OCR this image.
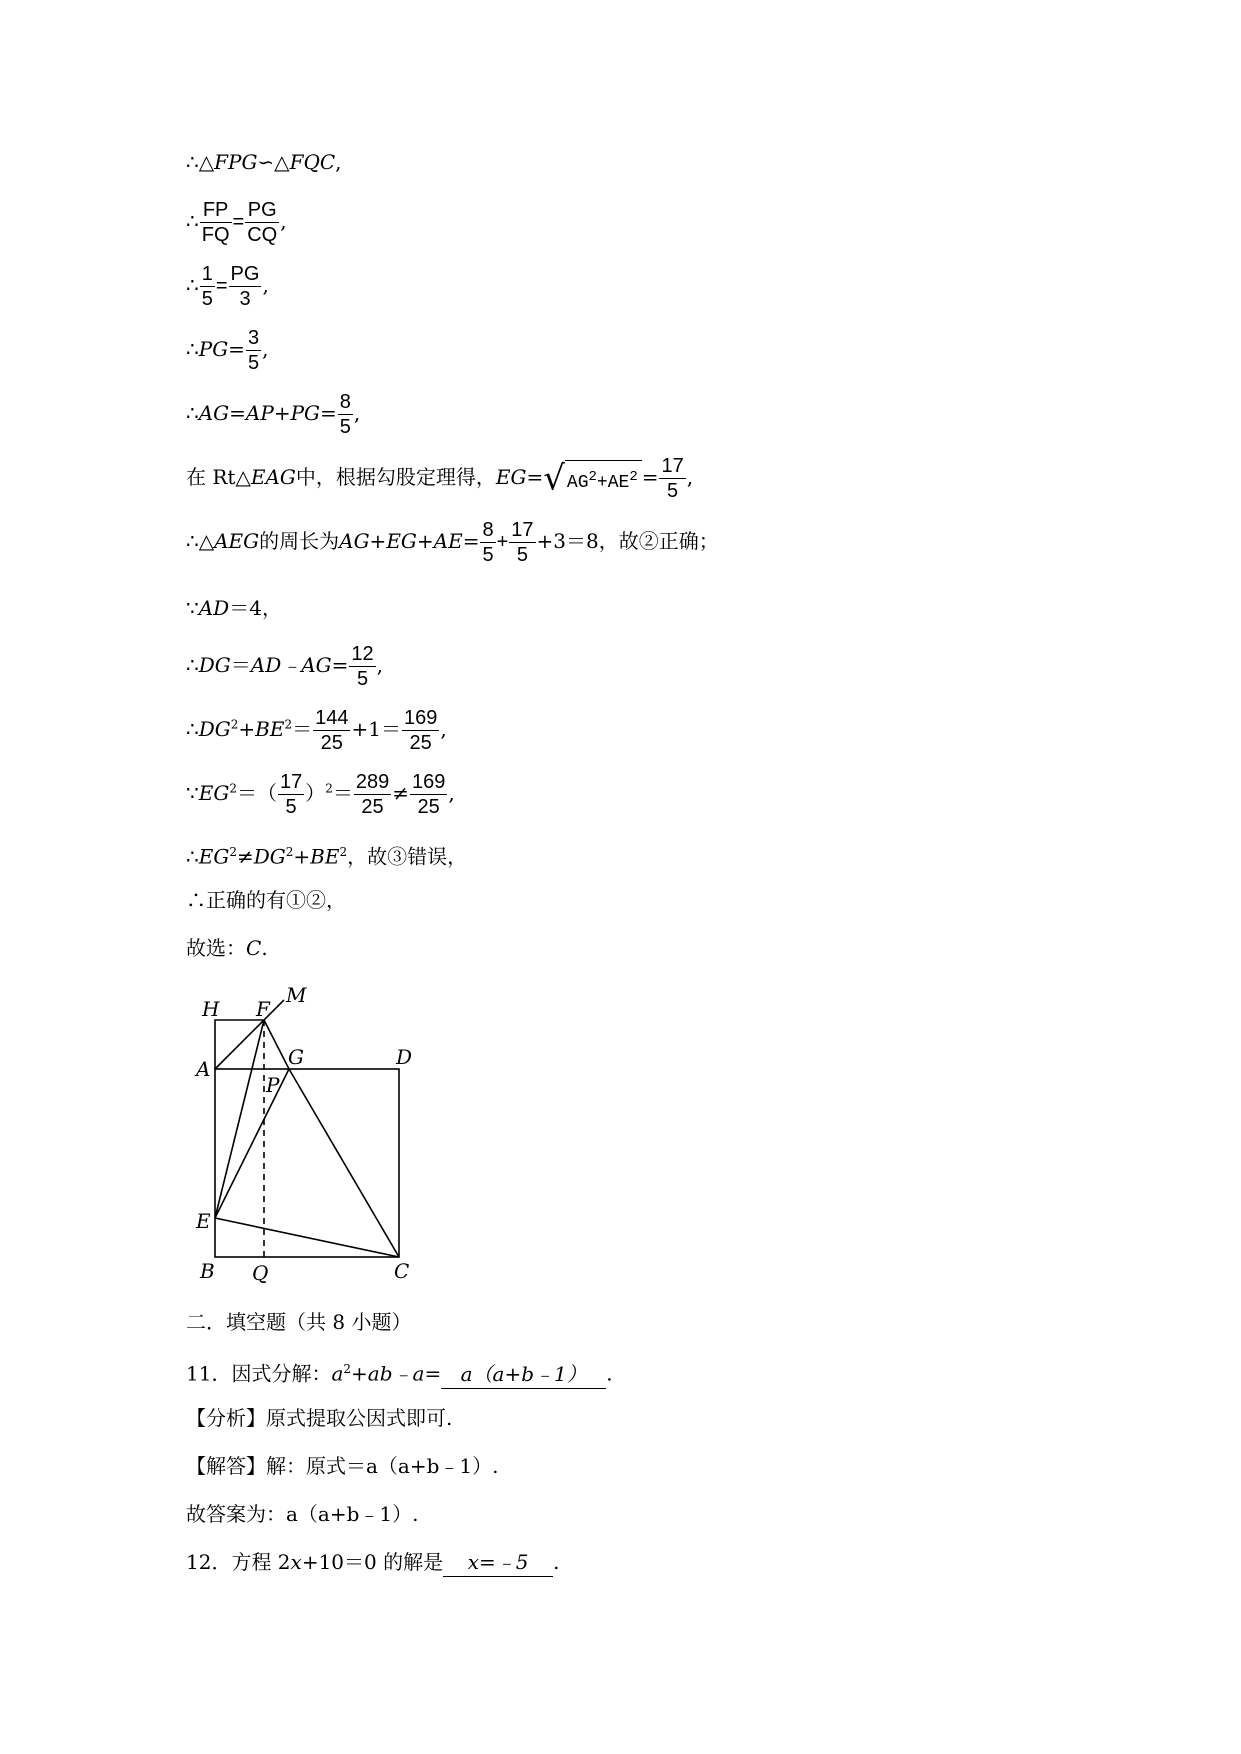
∴△FPG∽△FQC,
∴ $\frac{FP}{FQ} = \frac{PG}{CQ}$ ,
∴ $\frac{1}{5} = \frac{PG}{3}$ ,
∴PG= $\frac{3}{5}$ ,
∴AG=AP+PG= $\frac{8}{5}$ ,
在 Rt△EAG中，根据勾股定理得，EG=√ $AG^2+AE^2 = \frac{17}{5}$ ,
∴△AEG的周长为$AG+EG+AE= \frac{8}{5} + \frac{17}{5} +3=8$，故②正确；
∵AD＝4，
∴DG＝AD﹣AG= $\frac{12}{5}$ ,
$\therefore DG^2+BE^2= \frac{144}{25} +1= \frac{169}{25}$ ,
$\because EG^2=( \frac{17}{5} )^2= \frac{289}{25} \ne \frac{169}{25}$ ,
$\therefore EG^2\ne DG^2+BE^2$，故③错误，
∴正确的有①②，
故选：C.
H F
M
A	G	D
P
E
B Q	C
二．填空题（共 8 小题）
11．因式分解：$a^2+ab﹣a=$ a（a+b﹣1） .
【分析】原式提取公因式即可.
【解答】解：原式＝a（a+b﹣1）.
故答案为：a（a+b﹣1）.
12．方程 2x+10＝0 的解是 x=﹣5 .
